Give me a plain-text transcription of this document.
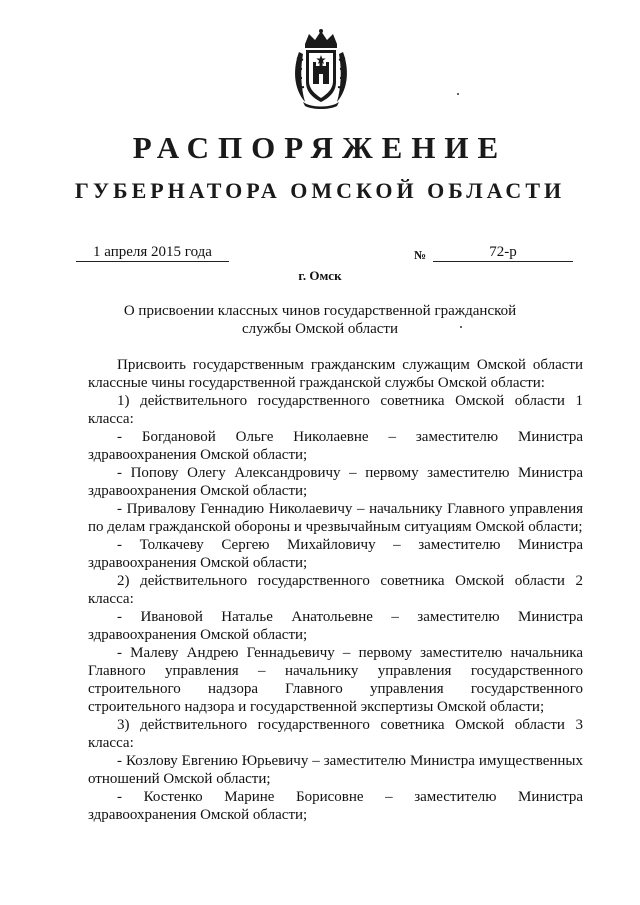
РАСПОРЯЖЕНИЕ
ГУБЕРНАТОРА ОМСКОЙ ОБЛАСТИ
1 апреля 2015 года	№	72-р
г. Омск
О присвоении классных чинов государственной гражданской службы Омской области

Присвоить государственным гражданским служащим Омской области классные чины государственной гражданской службы Омской области:

1) действительного государственного советника Омской области 1 класса:

- Богдановой Ольге Николаевне – заместителю Министра здравоохранения Омской области;

- Попову Олегу Александровичу – первому заместителю Министра здравоохранения Омской области;

- Привалову Геннадию Николаевичу – начальнику Главного управления по делам гражданской обороны и чрезвычайным ситуациям Омской области;

- Толкачеву Сергею Михайловичу – заместителю Министра здравоохранения Омской области;

2) действительного государственного советника Омской области 2 класса:

- Ивановой Наталье Анатольевне – заместителю Министра здравоохранения Омской области;

- Малеву Андрею Геннадьевичу – первому заместителю начальника Главного управления – начальнику управления государственного строительного надзора Главного управления государственного строительного надзора и государственной экспертизы Омской области;

3) действительного государственного советника Омской области 3 класса:

- Козлову Евгению Юрьевичу – заместителю Министра имущественных отношений Омской области;

- Костенко Марине Борисовне – заместителю Министра здравоохранения Омской области;
